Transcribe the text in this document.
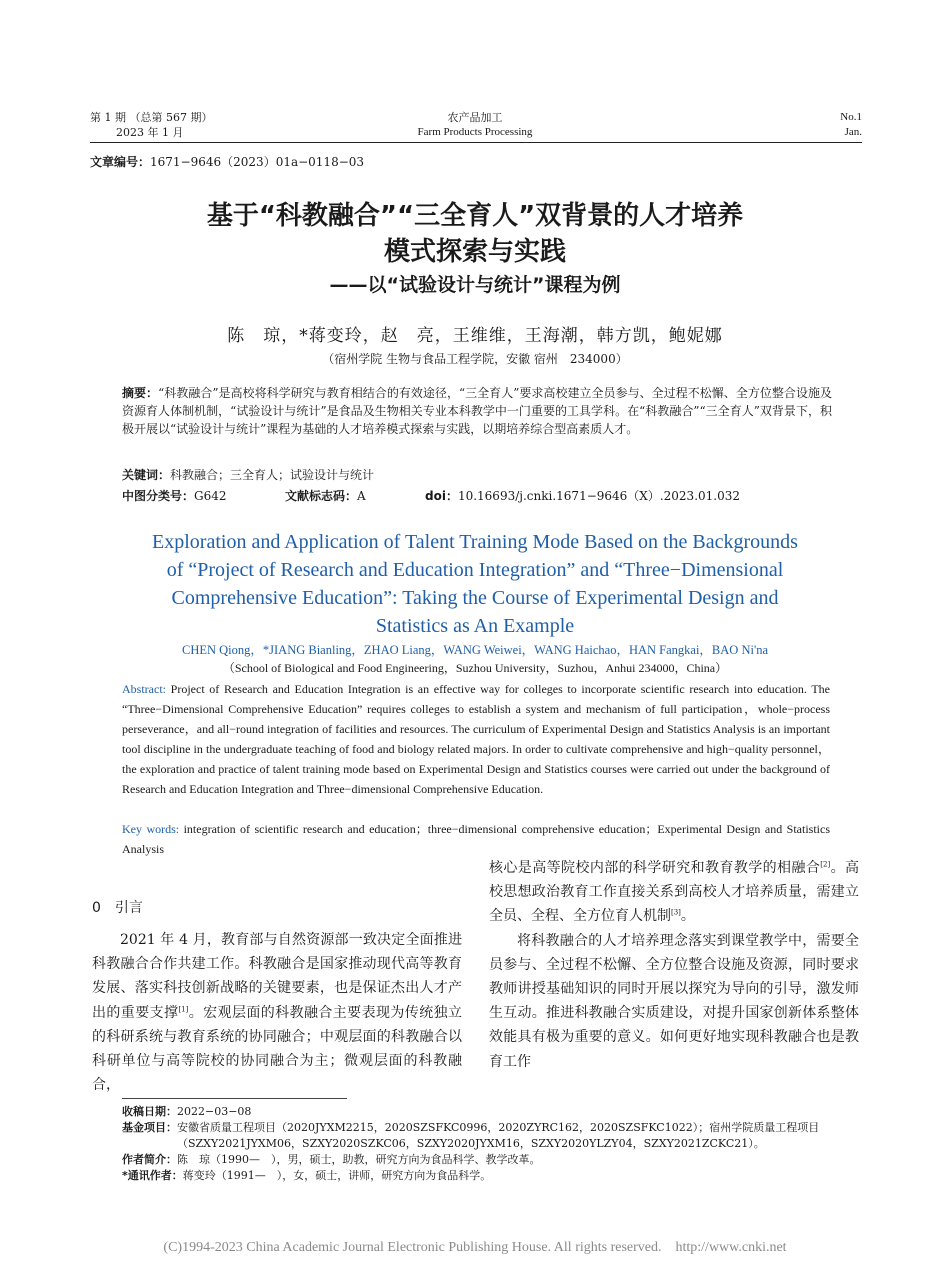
第 1 期 （总第 567 期）
2023 年 1 月
农产品加工
Farm Products Processing
No.1
Jan.
文章编号：1671−9646（2023）01a−0118−03
基于“科教融合”“三全育人”双背景的人才培养
模式探索与实践
——以“试验设计与统计”课程为例
陈　琼，*蒋变玲，赵　亮，王维维，王海潮，韩方凯，鲍妮娜
（宿州学院 生物与食品工程学院，安徽 宿州　234000）
摘要：“科教融合”是高校将科学研究与教育相结合的有效途径，“三全育人”要求高校建立全员参与、全过程不松懈、全方位整合设施及资源育人体制机制，“试验设计与统计”是食品及生物相关专业本科教学中一门重要的工具学科。在“科教融合”“三全育人”双背景下，积极开展以“试验设计与统计”课程为基础的人才培养模式探索与实践，以期培养综合型高素质人才。
关键词：科教融合；三全育人；试验设计与统计
中图分类号：G642	文献标志码：A	doi：10.16693/j.cnki.1671−9646（X）.2023.01.032
Exploration and Application of Talent Training Mode Based on the Backgrounds
of “Project of Research and Education Integration” and “Three−Dimensional
Comprehensive Education”: Taking the Course of Experimental Design and
Statistics as An Example
CHEN Qiong，*JIANG Bianling，ZHAO Liang，WANG Weiwei，WANG Haichao，HAN Fangkai，BAO Ni'na
（School of Biological and Food Engineering，Suzhou University，Suzhou，Anhui 234000，China）
Abstract: Project of Research and Education Integration is an effective way for colleges to incorporate scientific research into education. The “Three−Dimensional Comprehensive Education” requires colleges to establish a system and mechanism of full participation，whole−process perseverance，and all−round integration of facilities and resources. The curriculum of Experimental Design and Statistics Analysis is an important tool discipline in the undergraduate teaching of food and biology related majors. In order to cultivate comprehensive and high−quality personnel，the exploration and practice of talent training mode based on Experimental Design and Statistics courses were carried out under the background of Research and Education Integration and Three−dimensional Comprehensive Education.
Key words: integration of scientific research and education；three−dimensional comprehensive education；Experimental Design and Statistics Analysis
0　引言

2021 年 4 月，教育部与自然资源部一致决定全面推进科教融合合作共建工作。科教融合是国家推动现代高等教育发展、落实科技创新战略的关键要素，也是保证杰出人才产出的重要支撑[1]。宏观层面的科教融合主要表现为传统独立的科研系统与教育系统的协同融合；中观层面的科教融合以科研单位与高等院校的协同融合为主；微观层面的科教融合，

核心是高等院校内部的科学研究和教育教学的相融合[2]。高校思想政治教育工作直接关系到高校人才培养质量，需建立全员、全程、全方位育人机制[3]。

将科教融合的人才培养理念落实到课堂教学中，需要全员参与、全过程不松懈、全方位整合设施及资源，同时要求教师讲授基础知识的同时开展以探究为导向的引导，激发师生互动。推进科教融合实质建设，对提升国家创新体系整体效能具有极为重要的意义。如何更好地实现科教融合也是教育工作

收稿日期： 2022−03−08
基金项目： 安徽省质量工程项目（2020JYXM2215，2020SZSFKC0996，2020ZYRC162，2020SZSFKC1022）；宿州学院质量工程项目（SZXY2021JYXM06，SZXY2020SZKC06，SZXY2020JYXM16，SZXY2020YLZY04，SZXY2021ZCKC21）。
作者简介： 陈　琼（1990—　），男，硕士，助教，研究方向为食品科学、教学改革。
*通讯作者： 蒋变玲（1991—　），女，硕士，讲师，研究方向为食品科学。
(C)1994-2023 China Academic Journal Electronic Publishing House. All rights reserved.　http://www.cnki.net
